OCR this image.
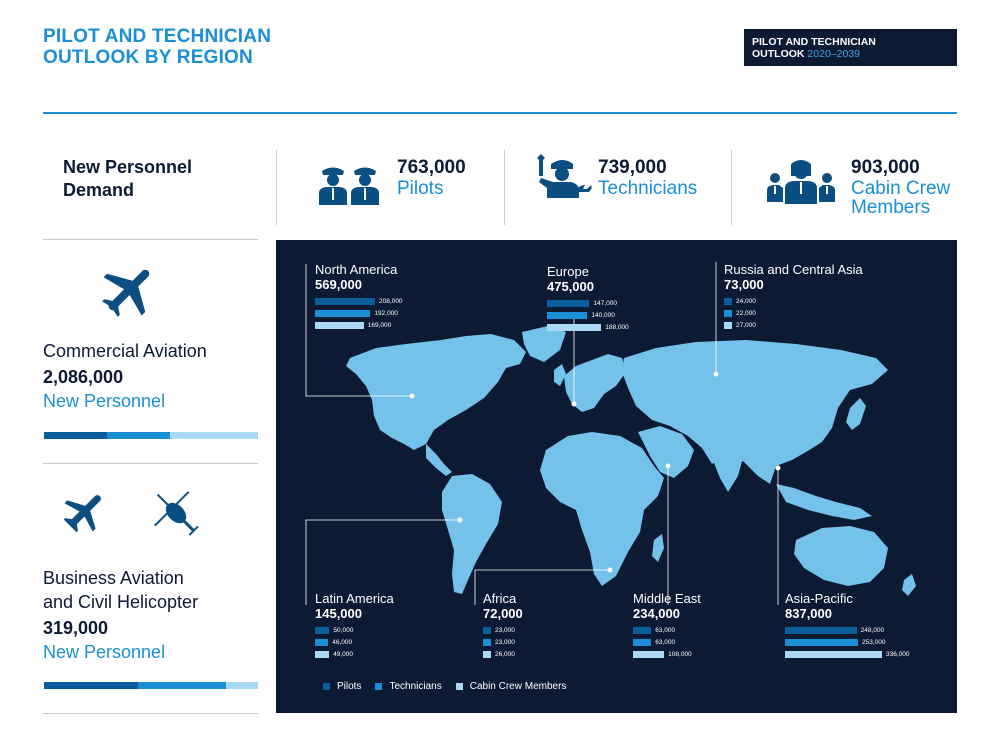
PILOT AND TECHNICIAN
OUTLOOK BY REGION
PILOT AND TECHNICIAN
OUTLOOK 2020–2039
New Personnel
Demand
763,000
Pilots
739,000
Technicians
903,000
Cabin Crew
Members
Commercial Aviation
2,086,000
New Personnel
Business Aviation
and Civil Helicopter
319,000
New Personnel
North America
569,000
208,000
192,000
169,000
Europe
475,000
147,000
140,000
188,000
Russia and Central Asia
73,000
24,000
22,000
27,000
Latin America
145,000
50,000
46,000
49,000
Africa
72,000
23,000
23,000
26,000
Middle East
234,000
63,000
63,000
108,000
Asia-Pacific
837,000
248,000
253,000
336,000
Pilots	Technicians	Cabin Crew Members
